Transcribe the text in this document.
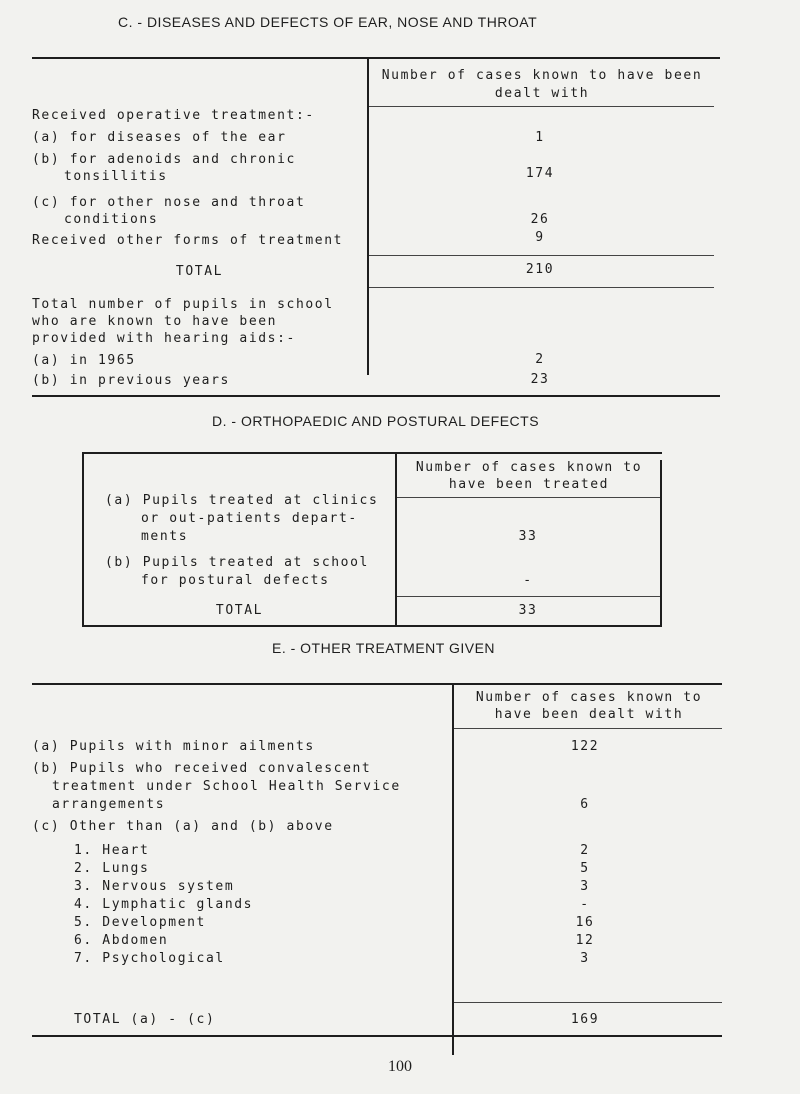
C. - DISEASES AND DEFECTS OF EAR, NOSE AND THROAT
Number of cases known to have been
dealt with
Received operative treatment:-
(a) for diseases of the ear	1
(b) for adenoids and chronic
tonsillitis	174
(c) for other nose and throat
conditions	26
Received other forms of treatment	9
TOTAL	210
Total number of pupils in school
who are known to have been
provided with hearing aids:-
(a) in 1965	2
(b) in previous years	23
D. - ORTHOPAEDIC AND POSTURAL DEFECTS
Number of cases known to
have been treated
(a) Pupils treated at clinics
or out-patients depart-
ments	33
(b) Pupils treated at school
for postural defects	-
TOTAL	33
E. - OTHER TREATMENT GIVEN
Number of cases known to
have been dealt with
(a) Pupils with minor ailments	122
(b) Pupils who received convalescent
treatment under School Health Service
arrangements	6
(c) Other than (a) and (b) above
1. Heart	2
2. Lungs	5
3. Nervous system	3
4. Lymphatic glands	-
5. Development	16
6. Abdomen	12
7. Psychological	3
TOTAL (a) - (c)	169
100
